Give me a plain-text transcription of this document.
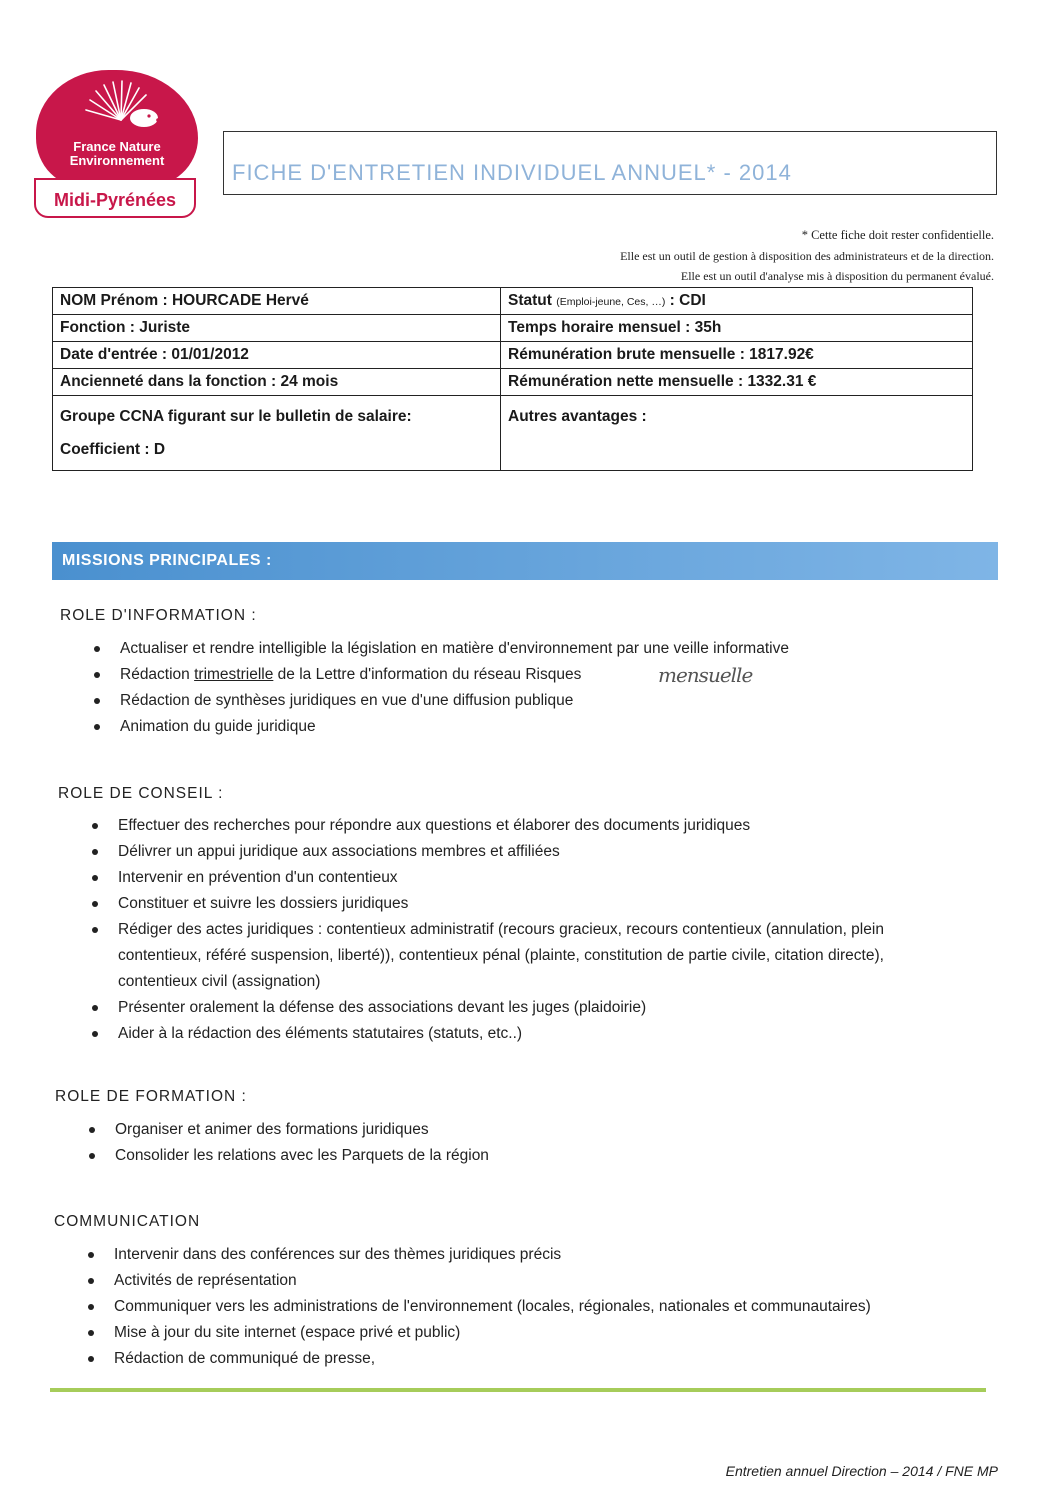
France Nature
Environnement
Midi-Pyrénées
FICHE D'ENTRETIEN INDIVIDUEL ANNUEL* - 2014
* Cette fiche doit rester confidentielle.
Elle est un outil de gestion à disposition des administrateurs et de la direction.
Elle est un outil d'analyse mis à disposition du permanent évalué.
NOM Prénom : HOURCADE Hervé	Statut (Emploi-jeune, Ces, …) : CDI
Fonction : Juriste	Temps horaire mensuel : 35h
Date d'entrée : 01/01/2012	Rémunération brute mensuelle : 1817.92€
Ancienneté dans la fonction : 24 mois	Rémunération nette mensuelle : 1332.31 €

Groupe CCNA figurant sur le bulletin de salaire:
Coefficient : D	Autres avantages :
MISSIONS PRINCIPALES :
ROLE D'INFORMATION :
Actualiser et rendre intelligible la législation en matière d'environnement par une veille informative
Rédaction trimestrielle de la Lettre d'information du réseau Risques	mensuelle
Rédaction de synthèses juridiques en vue d'une diffusion publique
Animation du guide juridique
ROLE DE CONSEIL :
Effectuer des recherches pour répondre aux questions et élaborer des documents juridiques
Délivrer un appui juridique aux associations membres et affiliées
Intervenir en prévention d'un contentieux
Constituer et suivre les dossiers juridiques
Rédiger des actes juridiques : contentieux administratif (recours gracieux, recours contentieux (annulation, plein contentieux, référé suspension, liberté)), contentieux pénal (plainte, constitution de partie civile, citation directe), contentieux civil (assignation)
Présenter oralement la défense des associations devant les juges (plaidoirie)
Aider à la rédaction des éléments statutaires (statuts, etc..)
ROLE DE FORMATION :
Organiser et animer des formations juridiques
Consolider les relations avec les Parquets de la région
COMMUNICATION
Intervenir dans des conférences sur des thèmes juridiques précis
Activités de représentation
Communiquer vers les administrations de l'environnement (locales, régionales, nationales et communautaires)
Mise à jour du site internet (espace privé et public)
Rédaction de communiqué de presse,
Entretien annuel Direction – 2014 / FNE MP
